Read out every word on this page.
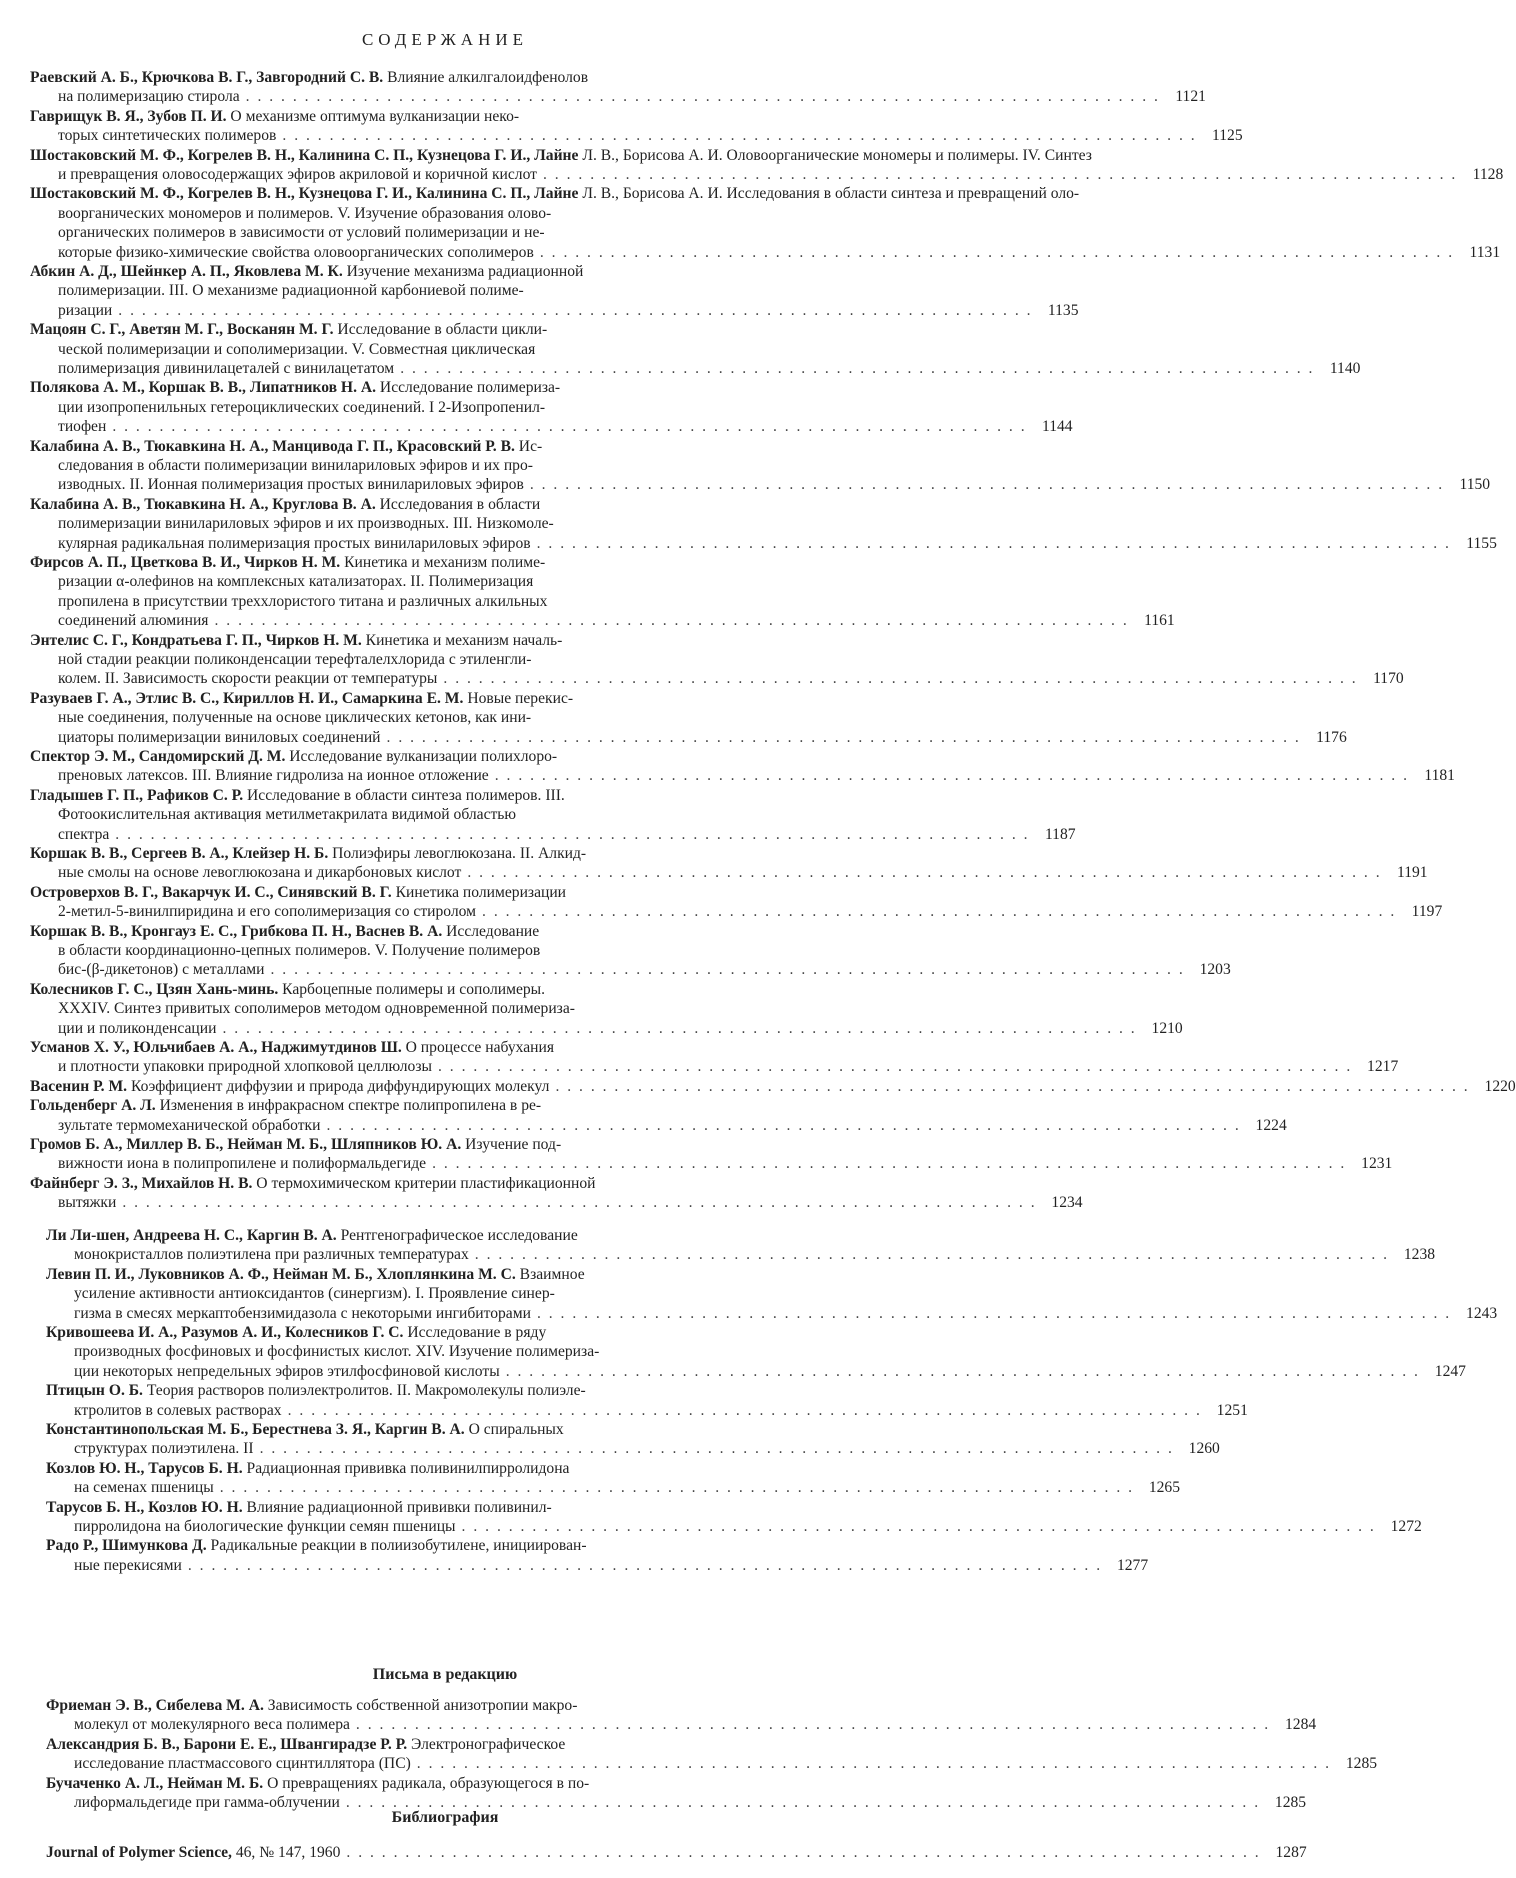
СОДЕРЖАНИЕ
Раевский А. Б., Крючкова В. Г., Завгородний С. В. Влияние алкилгалоидфенолов
на полимеризацию стирола . . .	1121
Гаврищук В. Я., Зубов П. И. О механизме оптимума вулканизации неко-
торых синтетических полимеров . . .	1125
Шостаковский М. Ф., Когрелев В. Н., Калинина С. П., Кузнецова Г. И., Лайнe Л. В., Борисова А. И. Оловоорганические мономеры и полимеры. IV. Синтез
и превращения оловосодержащих эфиров акриловой и коричной кислот . . .	1128
Шостаковский М. Ф., Когрелев В. Н., Кузнецова Г. И., Калинина С. П., Лайне Л. В., Борисова А. И. Исследования в области синтеза и превращений оло-
воорганических мономеров и полимеров. V. Изучение образования оловo-
органических полимеров в зависимости от условий полимеризации и не-
которые физико-химические свойства оловоорганических сополимеров . . .	1131
Абкин А. Д., Шейнкер А. П., Яковлева М. К. Изучение механизма радиационной
полимеризации. III. О механизме радиационной карбониевой полиме-
ризации . . .	1135
Мацоян С. Г., Аветян М. Г., Восканян М. Г. Исследование в области цикли-
ческой полимеризации и сополимеризации. V. Совместная циклическая
полимеризация дивинилацеталей с винилацетатом . . .	1140
Полякова А. М., Коршак В. В., Липатников Н. А. Исследование полимериза-
ции изопропенильных гетероциклических соединений. I 2-Изопропенил-
тиофен . . .	1144
Калабина А. В., Тюкавкина Н. А., Манцивода Г. П., Красовский Р. В. Ис-
следования в области полимеризации виниларилoвых эфиров и их про-
изводных. II. Ионная полимеризация простых виниларилoвых эфиров . . .	1150
Калабина А. В., Тюкавкина Н. А., Круглова В. А. Исследования в области
полимеризации виниларилoвых эфиров и их производных. III. Низкомоле-
кулярная радикальная полимеризация простых виниларилoвых эфиров . . .	1155
Фирсов А. П., Цветкова В. И., Чирков Н. М. Кинетика и механизм полиме-
ризации α-олефинов на комплексных катализаторах. II. Полимеризация
пропилена в присутствии треххлористого титана и различных алкильных
соединений алюминия . . .	1161
Энтелис С. Г., Кондратьева Г. П., Чирков Н. М. Кинетика и механизм началь-
ной стадии реакции поликонденсации терефталелхлорида с этиленгли-
колем. II. Зависимость скорости реакции от температуры . . .	1170
Разуваев Г. А., Этлис В. С., Кириллов Н. И., Самаркина Е. М. Новые перекис-
ные соединения, полученные на основе циклических кетонов, как ини-
циаторы полимеризации виниловых соединений . . .	1176
Спектор Э. М., Сандомирский Д. М. Исследование вулканизации полихлоро-
преновых латексов. III. Влияние гидролиза на ионное отложение . . .	1181
Гладышев Г. П., Рафиков С. Р. Исследование в области синтеза полимеров. III.
Фотоокислительная активация метилметакрилата видимой областью
спектра . . .	1187
Коршак В. В., Сергеев В. А., Клейзер Н. Б. Полиэфиры левоглюкозана. II. Алкид-
ные смолы на основе левоглюкозана и дикарбоновых кислот . . .	1191
Островерхов В. Г., Вакарчук И. С., Синявский В. Г. Кинетика полимеризации
2-метил-5-винилпиридина и его сополимеризация со стиролом . . .	1197
Коршак В. В., Кронгауз Е. С., Грибкова П. Н., Васнев В. А. Исследование
в области координационно-цепных полимеров. V. Получение полимеров
бис-(β-дикетонов) с металлами . . .	1203
Колесников Г. С., Цзян Хань-минь. Карбоцепные полимеры и сополимеры.
XXXIV. Синтез привитых сополимеров методом одновременной полимериза-
ции и поликонденсации . . .	1210
Усманов Х. У., Юльчибаев А. А., Наджимутдинов Ш. О процессе набухания
и плотности упаковки природной хлопковой целлюлозы . . .	1217
Васенин Р. М. Коэффициент диффузии и природа диффундирующих молекул . . .	1220
Гольденберг А. Л. Изменения в инфракрасном спектре полипропилена в ре-
зультате термомеханической обработки . . .	1224
Громов Б. А., Миллер В. Б., Нейман М. Б., Шляпников Ю. А. Изучение под-
вижности иона в полипропилене и полиформальдегиде . . .	1231
Файнберг Э. З., Михайлов Н. В. О термохимическом критерии пластификационной
вытяжки . . .	1234
Ли Ли-шен, Андреева Н. С., Каргин В. А. Рентгенографическое исследование
монокристаллов полиэтилена при различных температурах . . .	1238
Левин П. И., Луковников А. Ф., Нейман М. Б., Хлоплянкина М. С. Взаимное
усиление активности антиоксидантов (синергизм). I. Проявление синер-
гизма в смесях меркаптобензимидазола с некоторыми ингибиторами . . .	1243
Кривошеева И. А., Разумов А. И., Колесников Г. С. Исследование в ряду
производных фосфиновых и фосфинистых кислот. XIV. Изучение полимериза-
ции некоторых непредельных эфиров этилфосфиновой кислоты . . .	1247
Птицын О. Б. Теория растворов полиэлектролитов. II. Макромолекулы полиэле-
ктролитов в солевых растворах . . .	1251
Константинопольская М. Б., Берестнева З. Я., Каргин В. А. О спиральных
структурах полиэтилена. II . . .	1260
Козлов Ю. Н., Тарусов Б. Н. Радиационная прививка поливинилпирролидона
на семенах пшеницы . . .	1265
Тарусов Б. Н., Козлов Ю. Н. Влияние радиационной прививки поливинил-
пирролидона на биологические функции семян пшеницы . . .	1272
Радо Р., Шимункова Д. Радикальные реакции в полиизобутилене, инициирован-
ные перекисями . . .	1277
Письма в редакцию
Фриеман Э. В., Сибелева М. А. Зависимость собственной анизотропии макро-
молекул от молекулярного веса полимера . . .	1284
Александрия Б. В., Барони Е. Е., Швангирадзе Р. Р. Электронографическое
исследование пластмассового сцинтиллятора (ПС) . . .	1285
Бучаченко А. Л., Нейман М. Б. О превращениях радикала, образующегося в по-
лиформальдегиде при гамма-облучении . . .	1285
Библиография
Journal of Polymer Science, 46, № 147, 1960 . . .	1287
